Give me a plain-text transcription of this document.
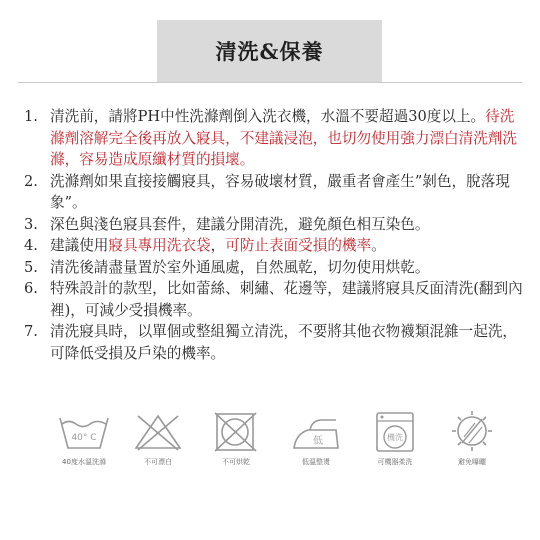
清洗&保養
1. 清洗前，請將PH中性洗滌劑倒入洗衣機，水溫不要超過30度以上。待洗滌劑溶解完全後再放入寢具，不建議浸泡，也切勿使用強力漂白清洗劑洗滌，容易造成原纖材質的損壞。
2. 洗滌劑如果直接接觸寢具，容易破壞材質，嚴重者會產生”剝色，脫落現象”。
3. 深色與淺色寢具套件，建議分開清洗，避免顏色相互染色。
4. 建議使用寢具專用洗衣袋，可防止表面受損的機率。
5. 清洗後請盡量置於室外通風處，自然風乾，切勿使用烘乾。
6. 特殊設計的款型，比如蕾絲、刺繡、花邊等，建議將寢具反面清洗(翻到內裡)，可減少受損機率。
7. 清洗寢具時，以單個或整組獨立清洗，不要將其他衣物襪類混雜一起洗，可降低受損及戶染的機率。
40° C
40度水溫洗滌	不可漂白	不可烘乾
低
低溫整燙
機洗
可機器柔洗	避免曝曬
